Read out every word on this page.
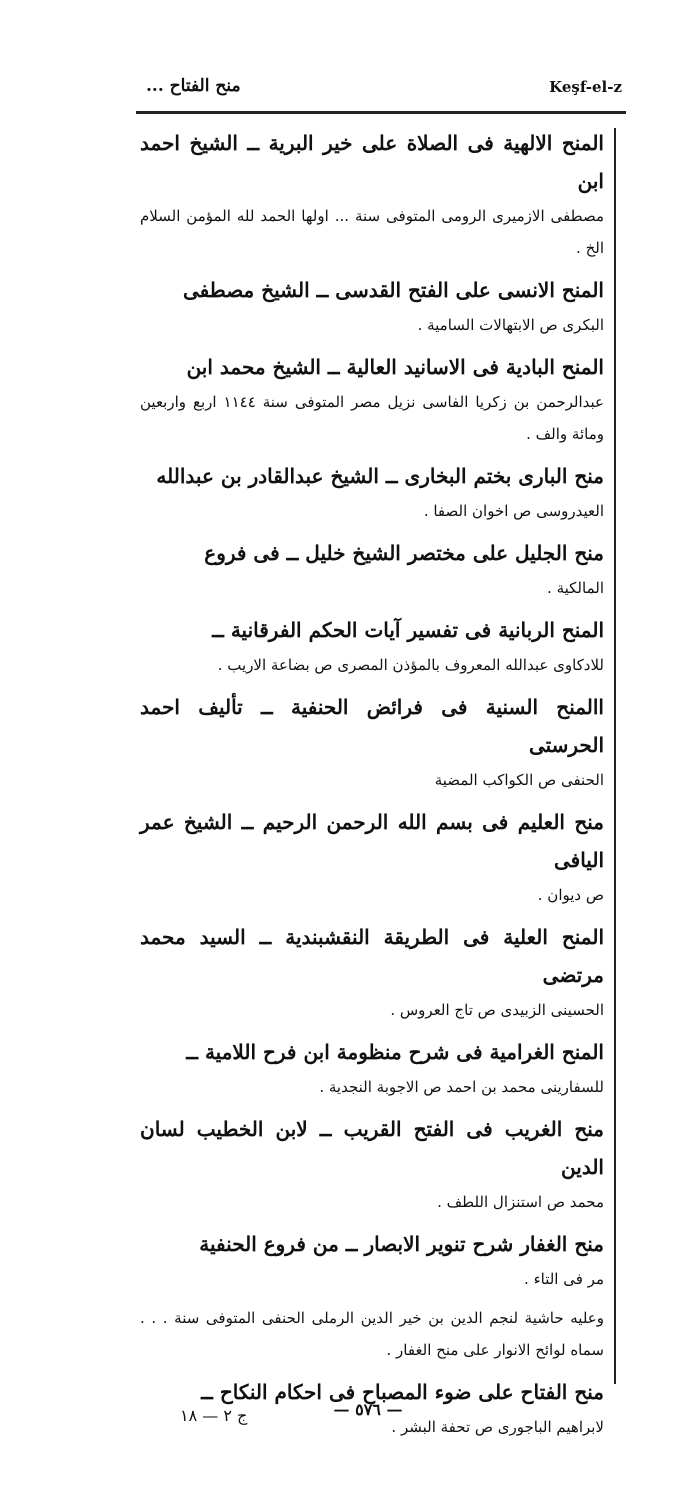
Keşf-el-z
منح الفتاح ...
المنح الالهية فى الصلاة على خير البرية ــ الشيخ احمد ابن
مصطفى الازميرى الرومى المتوفى سنة ... اولها الحمد لله المؤمن السلام الخ .
المنح الانسى على الفتح القدسى ــ الشيخ مصطفى
البكرى ص الابتهالات السامية .
المنح البادية فى الاسانيد العالية ــ الشيخ محمد ابن
عبدالرحمن بن زكريا الفاسى نزيل مصر المتوفى سنة ١١٤٤ اربع واربعين ومائة والف .
منح البارى بختم البخارى ــ الشيخ عبدالقادر بن عبدالله
العيدروسى ص اخوان الصفا .
منح الجليل على مختصر الشيخ خليل ــ فى فروع
المالكية .
المنح الربانية فى تفسير آيات الحكم الفرقانية ــ
للادكاوى عبدالله المعروف بالمؤذن المصرى ص بضاعة الاريب .
االمنح السنية فى فرائض الحنفية ــ تأليف احمد الحرستى
الحنفى ص الكواكب المضية
منح العليم فى بسم الله الرحمن الرحيم ــ الشيخ عمر اليافى
ص ديوان .
المنح العلية فى الطريقة النقشبندية ــ السيد محمد مرتضى
الحسينى الزبيدى ص تاج العروس .
المنح الغرامية فى شرح منظومة ابن فرح اللامية ــ
للسفارينى محمد بن احمد ص الاجوبة النجدية .
منح الغريب فى الفتح القريب ــ لابن الخطيب لسان الدين
محمد ص استنزال اللطف .
منح الغفار شرح تنوير الابصار ــ من فروع الحنفية
مر فى التاء .
وعليه حاشية لنجم الدين بن خير الدين الرملى الحنفى المتوفى سنة . . . سماه لوائح الانوار على منح الغفار .
منح الفتاح على ضوء المصباح فى احكام النكاح ــ
لابراهيم الباجورى ص تحفة البشر .
— ٥٧٦ —
ج ٢ — ١٨
